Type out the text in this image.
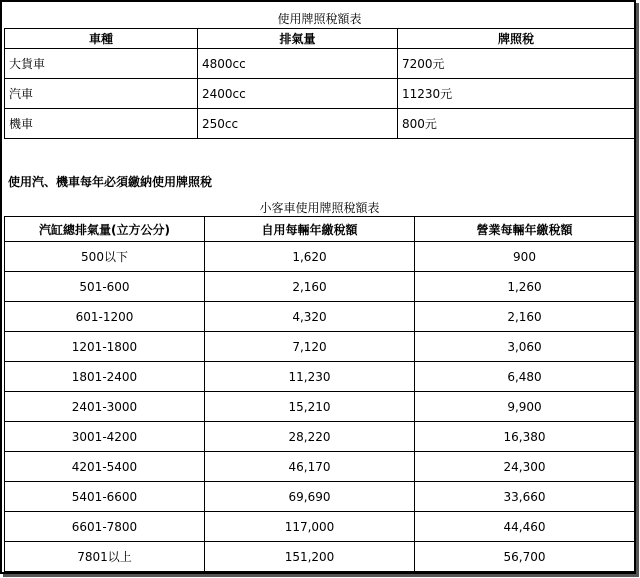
使用牌照稅額表
車種	排氣量	牌照稅
大貨車	4800cc	7200元
汽車	2400cc	11230元
機車	250cc	800元
使用汽、機車每年必須繳納使用牌照稅
小客車使用牌照稅額表
汽缸總排氣量(立方公分)	自用每輛年繳稅額	營業每輛年繳稅額
500以下	1,620	900
501-600	2,160	1,260
601-1200	4,320	2,160
1201-1800	7,120	3,060
1801-2400	11,230	6,480
2401-3000	15,210	9,900
3001-4200	28,220	16,380
4201-5400	46,170	24,300
5401-6600	69,690	33,660
6601-7800	117,000	44,460
7801以上	151,200	56,700
